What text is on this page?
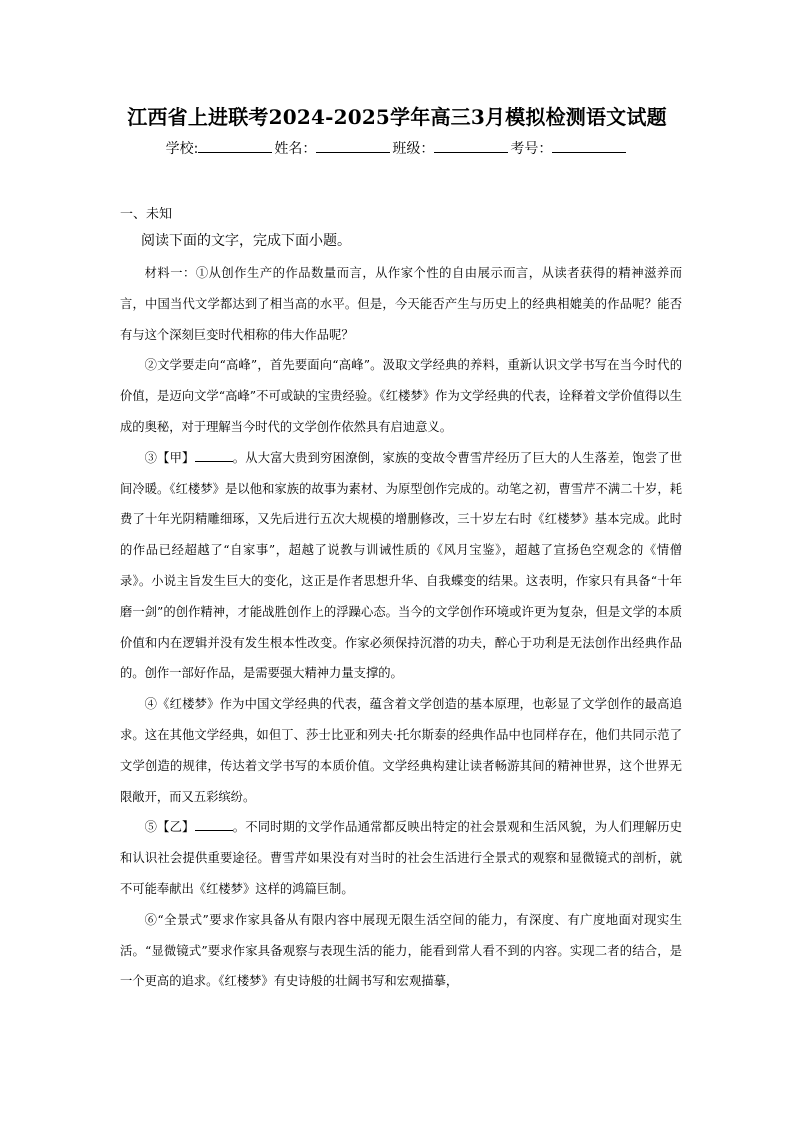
江西省上进联考2024-2025学年高三3月模拟检测语文试题
学校:	姓名：	班级：	考号：
一、未知
阅读下面的文字，完成下面小题。

材料一：①从创作生产的作品数量而言，从作家个性的自由展示而言，从读者获得的精神滋养而言，中国当代文学都达到了相当高的水平。但是，今天能否产生与历史上的经典相媲美的作品呢？能否有与这个深刻巨变时代相称的伟大作品呢？

②文学要走向“高峰”，首先要面向“高峰”。汲取文学经典的养料，重新认识文学书写在当今时代的价值，是迈向文学“高峰”不可或缺的宝贵经验。《红楼梦》作为文学经典的代表，诠释着文学价值得以生成的奥秘，对于理解当今时代的文学创作依然具有启迪意义。

③【甲】	。从大富大贵到穷困潦倒，家族的变故令曹雪芹经历了巨大的人生落差，饱尝了世间冷暖。《红楼梦》是以他和家族的故事为素材、为原型创作完成的。动笔之初，曹雪芹不满二十岁，耗费了十年光阴精雕细琢，又先后进行五次大规模的增删修改，三十岁左右时《红楼梦》基本完成。此时的作品已经超越了“自家事”，超越了说教与训诫性质的《风月宝鉴》，超越了宣扬色空观念的《情僧录》。小说主旨发生巨大的变化，这正是作者思想升华、自我蝶变的结果。这表明，作家只有具备“十年磨一剑”的创作精神，才能战胜创作上的浮躁心态。当今的文学创作环境或许更为复杂，但是文学的本质价值和内在逻辑并没有发生根本性改变。作家必须保持沉潜的功夫，醉心于功利是无法创作出经典作品的。创作一部好作品，是需要强大精神力量支撑的。

④《红楼梦》作为中国文学经典的代表，蕴含着文学创造的基本原理，也彰显了文学创作的最高追求。这在其他文学经典，如但丁、莎士比亚和列夫·托尔斯泰的经典作品中也同样存在，他们共同示范了文学创造的规律，传达着文学书写的本质价值。文学经典构建让读者畅游其间的精神世界，这个世界无限敞开，而又五彩缤纷。

⑤【乙】	。不同时期的文学作品通常都反映出特定的社会景观和生活风貌，为人们理解历史和认识社会提供重要途径。曹雪芹如果没有对当时的社会生活进行全景式的观察和显微镜式的剖析，就不可能奉献出《红楼梦》这样的鸿篇巨制。

⑥“全景式”要求作家具备从有限内容中展现无限生活空间的能力，有深度、有广度地面对现实生活。“显微镜式”要求作家具备观察与表现生活的能力，能看到常人看不到的内容。实现二者的结合，是一个更高的追求。《红楼梦》有史诗般的壮阔书写和宏观描摹，
